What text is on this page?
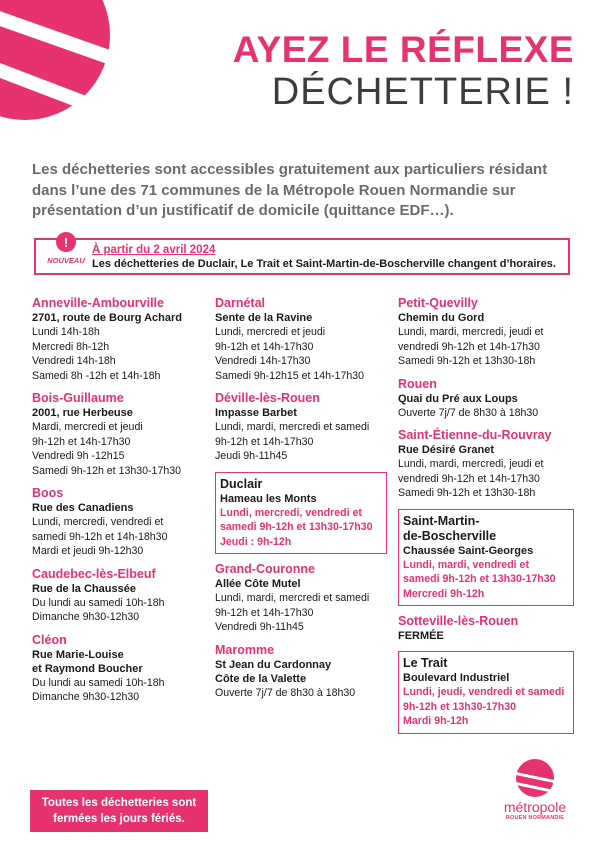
AYEZ LE RÉFLEXE
DÉCHETTERIE !
Les déchetteries sont accessibles gratuitement aux particuliers résidant dans l’une des 71 communes de la Métropole Rouen Normandie sur présentation d’un justificatif de domicile (quittance EDF…).
!
NOUVEAU
À partir du 2 avril 2024
Les déchetteries de Duclair, Le Trait et Saint-Martin-de-Boscherville changent d’horaires.
Anneville-Ambourville
2701, route de Bourg Achard
Lundi 14h-18h
Mercredi 8h-12h
Vendredi 14h-18h
Samedi 8h -12h et 14h-18h
Bois-Guillaume
2001, rue Herbeuse
Mardi, mercredi et jeudi
9h-12h et 14h-17h30
Vendredi 9h -12h15
Samedi 9h-12h et 13h30-17h30
Boos
Rue des Canadiens
Lundi, mercredi, vendredi et
samedi 9h-12h et 14h-18h30
Mardi et jeudi 9h-12h30
Caudebec-lès-Elbeuf
Rue de la Chaussée
Du lundi au samedi 10h-18h
Dimanche 9h30-12h30
Cléon
Rue Marie-Louise
et Raymond Boucher
Du lundi au samedi 10h-18h
Dimanche 9h30-12h30
Darnétal
Sente de la Ravine
Lundi, mercredi et jeudi
9h-12h et 14h-17h30
Vendredi 14h-17h30
Samedi 9h-12h15 et 14h-17h30
Déville-lès-Rouen
Impasse Barbet
Lundi, mardi, mercredi et samedi
9h-12h et 14h-17h30
Jeudi 9h-11h45
Duclair
Hameau les Monts
Lundi, mercredi, vendredi et
samedi 9h-12h et 13h30-17h30
Jeudi : 9h-12h
Grand-Couronne
Allée Côte Mutel
Lundi, mardi, mercredi et samedi
9h-12h et 14h-17h30
Vendredi 9h-11h45
Maromme
St Jean du Cardonnay
Côte de la Valette
Ouverte 7j/7 de 8h30 à 18h30
Petit-Quevilly
Chemin du Gord
Lundi, mardi, mercredi, jeudi et
vendredi 9h-12h et 14h-17h30
Samedi 9h-12h et 13h30-18h
Rouen
Quai du Pré aux Loups
Ouverte 7j/7 de 8h30 à 18h30
Saint-Étienne-du-Rouvray
Rue Désiré Granet
Lundi, mardi, mercredi, jeudi et
vendredi 9h-12h et 14h-17h30
Samedi 9h-12h et 13h30-18h
Saint-Martin-
de-Boscherville
Chaussée Saint-Georges
Lundi, mardi, vendredi et
samedi 9h-12h et 13h30-17h30
Mercredi 9h-12h
Sotteville-lès-Rouen
FERMÉE
Le Trait
Boulevard Industriel
Lundi, jeudi, vendredi et samedi
9h-12h et 13h30-17h30
Mardi 9h-12h
Toutes les déchetteries sont fermées les jours fériés.
métropole
ROUEN NORMANDIE
